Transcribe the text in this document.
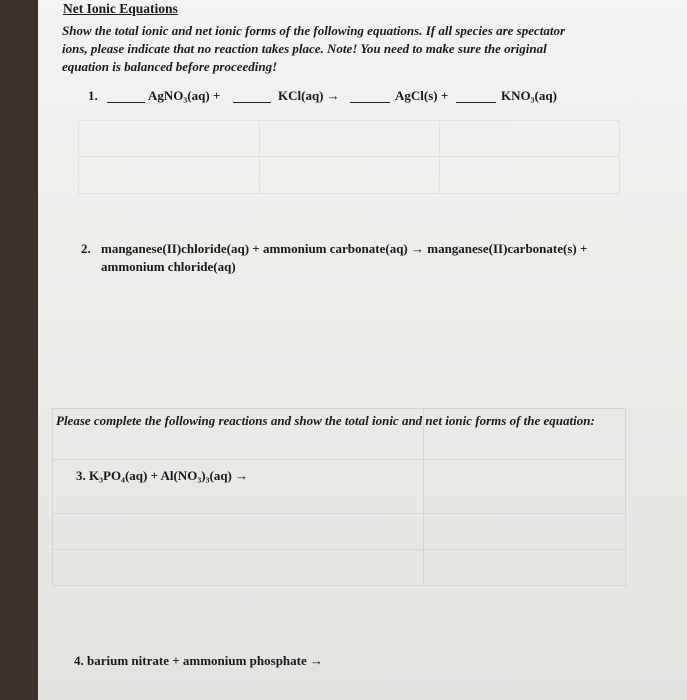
Net Ionic Equations
Show the total ionic and net ionic forms of the following equations. If all species are spectator ions, please indicate that no reaction takes place. Note! You need to make sure the original equation is balanced before proceeding!
1.	AgNO₃(aq) +	KCl(aq) →	AgCl(s) +	KNO₃(aq)
2. manganese(II)chloride(aq) + ammonium carbonate(aq) → manganese(II)carbonate(s) + ammonium chloride(aq)
Please complete the following reactions and show the total ionic and net ionic forms of the equation:
3. K₃PO₄(aq) + Al(NO₃)₃(aq) →
4. barium nitrate + ammonium phosphate →
